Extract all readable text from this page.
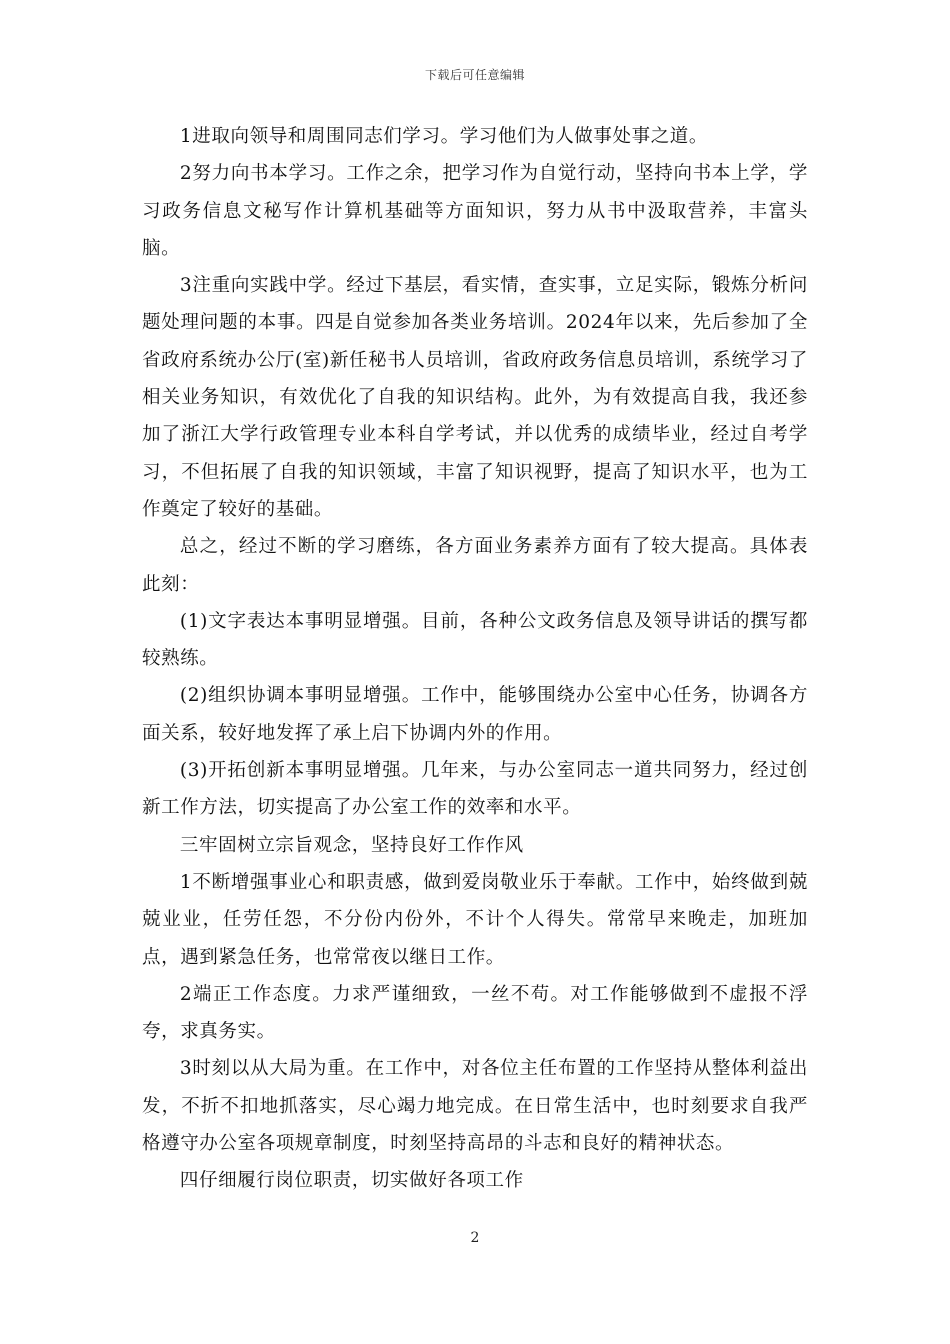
下载后可任意编辑

1进取向领导和周围同志们学习。学习他们为人做事处事之道。

2努力向书本学习。工作之余，把学习作为自觉行动，坚持向书本上学，学习政务信息文秘写作计算机基础等方面知识，努力从书中汲取营养，丰富头脑。

3注重向实践中学。经过下基层，看实情，查实事，立足实际，锻炼分析问题处理问题的本事。四是自觉参加各类业务培训。2024年以来，先后参加了全省政府系统办公厅(室)新任秘书人员培训，省政府政务信息员培训，系统学习了相关业务知识，有效优化了自我的知识结构。此外，为有效提高自我，我还参加了浙江大学行政管理专业本科自学考试，并以优秀的成绩毕业，经过自考学习，不但拓展了自我的知识领域，丰富了知识视野，提高了知识水平，也为工作奠定了较好的基础。

总之，经过不断的学习磨练，各方面业务素养方面有了较大提高。具体表此刻：

(1)文字表达本事明显增强。目前，各种公文政务信息及领导讲话的撰写都较熟练。

(2)组织协调本事明显增强。工作中，能够围绕办公室中心任务，协调各方面关系，较好地发挥了承上启下协调内外的作用。

(3)开拓创新本事明显增强。几年来，与办公室同志一道共同努力，经过创新工作方法，切实提高了办公室工作的效率和水平。

三牢固树立宗旨观念，坚持良好工作作风

1不断增强事业心和职责感，做到爱岗敬业乐于奉献。工作中，始终做到兢兢业业，任劳任怨，不分份内份外，不计个人得失。常常早来晚走，加班加点，遇到紧急任务，也常常夜以继日工作。

2端正工作态度。力求严谨细致，一丝不苟。对工作能够做到不虚报不浮夸，求真务实。

3时刻以从大局为重。在工作中，对各位主任布置的工作坚持从整体利益出发，不折不扣地抓落实，尽心竭力地完成。在日常生活中，也时刻要求自我严格遵守办公室各项规章制度，时刻坚持高昂的斗志和良好的精神状态。

四仔细履行岗位职责，切实做好各项工作

2
